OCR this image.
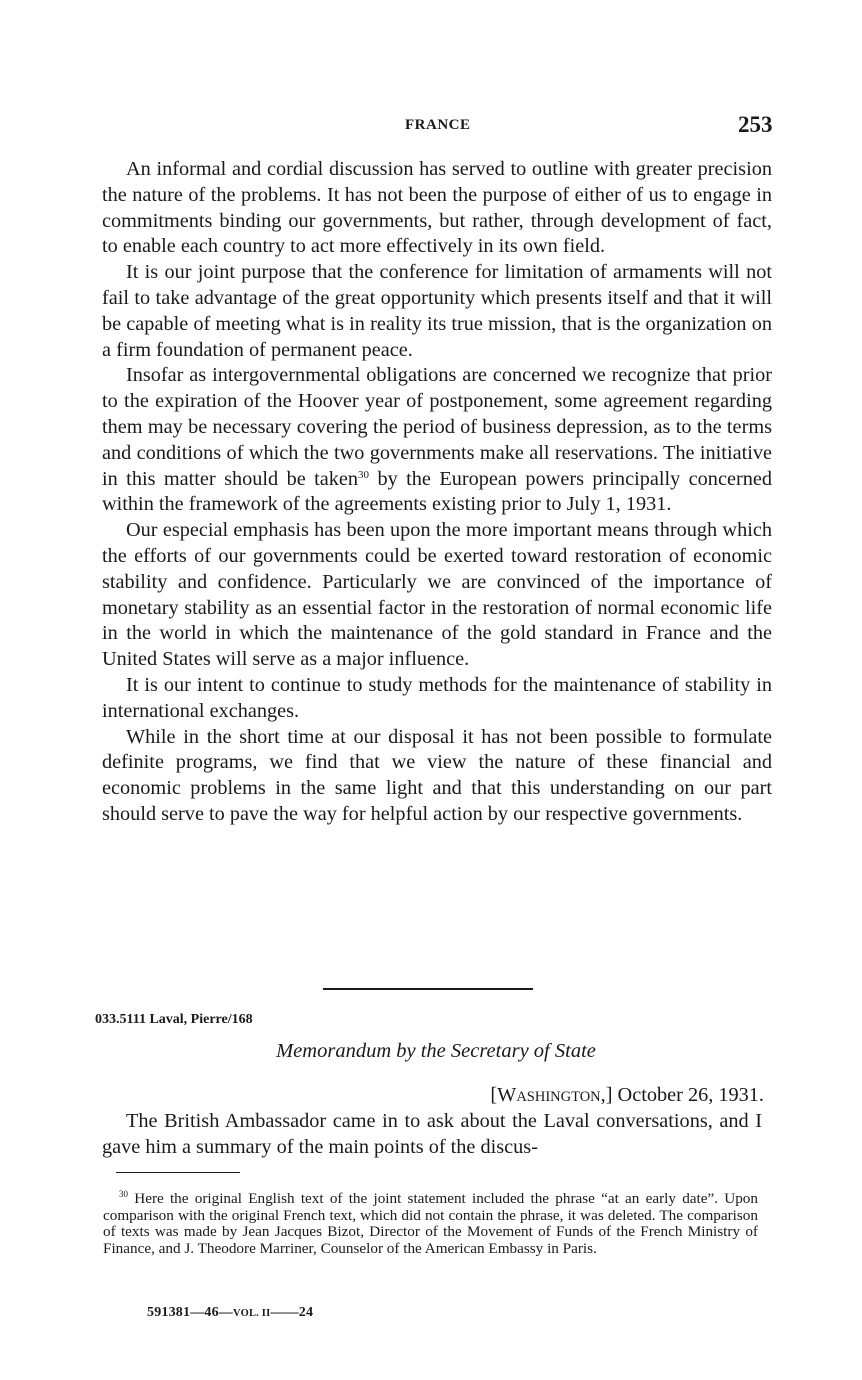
FRANCE	253

An informal and cordial discussion has served to outline with greater precision the nature of the problems. It has not been the purpose of either of us to engage in commitments binding our governments, but rather, through development of fact, to enable each country to act more effectively in its own field.

It is our joint purpose that the conference for limitation of armaments will not fail to take advantage of the great opportunity which presents itself and that it will be capable of meeting what is in reality its true mission, that is the organization on a firm foundation of permanent peace.

Insofar as intergovernmental obligations are concerned we recognize that prior to the expiration of the Hoover year of postponement, some agreement regarding them may be necessary covering the period of business depression, as to the terms and conditions of which the two governments make all reservations. The initiative in this matter should be taken$^{30}$ by the European powers principally concerned within the framework of the agreements existing prior to July 1, 1931.

Our especial emphasis has been upon the more important means through which the efforts of our governments could be exerted toward restoration of economic stability and confidence. Particularly we are convinced of the importance of monetary stability as an essential factor in the restoration of normal economic life in the world in which the maintenance of the gold standard in France and the United States will serve as a major influence.

It is our intent to continue to study methods for the maintenance of stability in international exchanges.

While in the short time at our disposal it has not been possible to formulate definite programs, we find that we view the nature of these financial and economic problems in the same light and that this understanding on our part should serve to pave the way for helpful action by our respective governments.

033.5111 Laval, Pierre/168
Memorandum by the Secretary of State
[WASHINGTON,] October 26, 1931.

The British Ambassador came in to ask about the Laval conversations, and I gave him a summary of the main points of the discus-

$^{30}$ Here the original English text of the joint statement included the phrase “at an early date”. Upon comparison with the original French text, which did not contain the phrase, it was deleted. The comparison of texts was made by Jean Jacques Bizot, Director of the Movement of Funds of the French Ministry of Finance, and J. Theodore Marriner, Counselor of the American Embassy in Paris.

591381—46—VOL. II——24
